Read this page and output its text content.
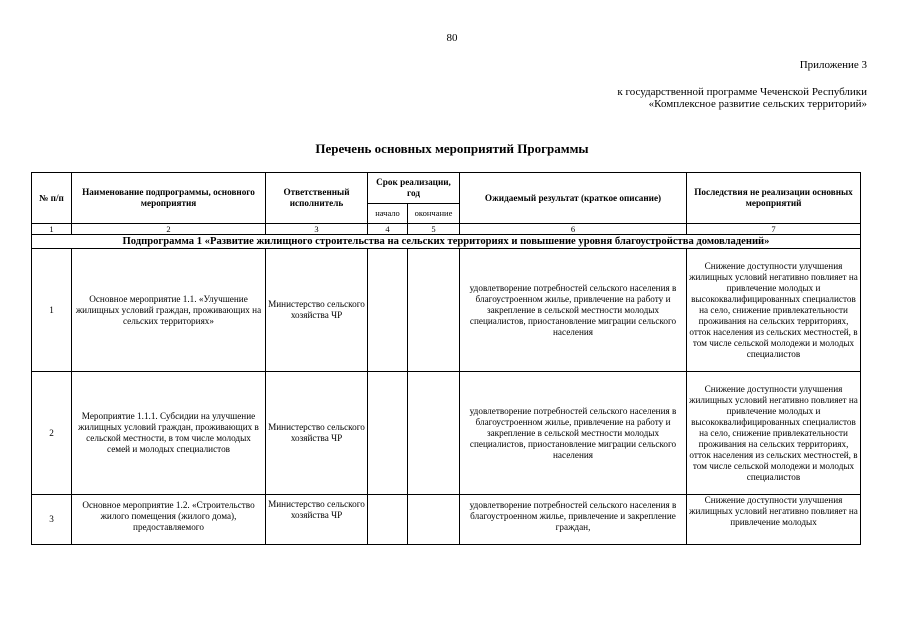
80
Приложение 3
к государственной программе Чеченской Республики
«Комплексное развитие сельских территорий»
Перечень основных мероприятий Программы
№ п/п	Наименование подпрограммы, основного мероприятия	Ответственный исполнитель	Срок реализации, год		Ожидаемый результат (краткое описание)	Последствия не реализации основных мероприятий
			начало	окончание		
1	2	3	4	5	6	7
Подпрограмма 1 «Развитие жилищного строительства на сельских территориях и повышение уровня благоустройства домовладений»						
1	Основное мероприятие 1.1. «Улучшение жилищных условий граждан, проживающих на сельских территориях»	Министерство сельского хозяйства ЧР			удовлетворение потребностей сельского населения в благоустроенном жилье, привлечение на работу и закрепление в сельской местности молодых специалистов, приостановление миграции сельского населения	Снижение доступности улучшения жилищных условий негативно повлияет на привлечение молодых и высококвалифицированных специалистов на село, снижение привлекательности проживания на сельских территориях, отток населения из сельских местностей, в том числе сельской молодежи и молодых специалистов
2	Мероприятие 1.1.1. Субсидии на улучшение жилищных условий граждан, проживающих в сельской местности, в том числе молодых семей и молодых специалистов	Министерство сельского хозяйства ЧР			удовлетворение потребностей сельского населения в благоустроенном жилье, привлечение на работу и закрепление в сельской местности молодых специалистов, приостановление миграции сельского населения	Снижение доступности улучшения жилищных условий негативно повлияет на привлечение молодых и высококвалифицированных специалистов на село, снижение привлекательности проживания на сельских территориях, отток населения из сельских местностей, в том числе сельской молодежи и молодых специалистов
3	Основное мероприятие 1.2. «Строительство жилого помещения (жилого дома), предоставляемого	Министерство сельского хозяйства ЧР			удовлетворение потребностей сельского населения в благоустроенном жилье, привлечение и закрепление граждан,	Снижение доступности улучшения жилищных условий негативно повлияет на привлечение молодых
